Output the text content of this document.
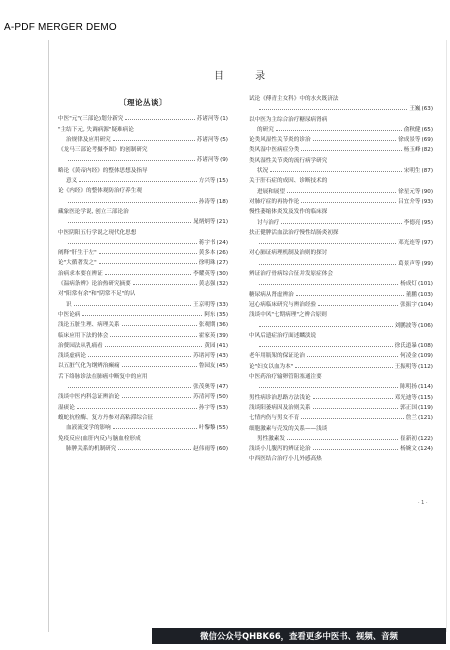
A-PDF MERGER DEMO
目 录
〔理论丛谈〕
中医"元"(三部论)划分新究	苏诸河等 (1)
"主结下元, 失调病源"疑难病论
治规律及应用研究	苏诸河等 (5)
《龙马三部论考摄李图》的创制研究
苏诸河等 (9)
略论《黄帝内经》的整体思想及指导
意义	方兴等 (15)
论《内经》的整体观防治疗养生观
孙涛等 (18)
藏象医论学说, 创立三部论治
晁炳炳等 (21)
中医阴阳五行学说之现代化思想
蒋宇书 (24)
阐释"肝生于左"	黄多本 (26)
论"大循著发之"	徐明珠 (27)
治病求本要在辨证	李耀英等 (30)
《温病条辨》论治热研究摘要	黄志强 (32)
对"阳常有余"和"阴常不足"的认
识	王京明等 (33)
中医论病	阿东 (35)
浅论五脏生理、病理关系	张观期 (36)
临床应用下法的体会	霍家英 (39)
治赘园法从乳痛看	黄园 (41)
浅谈虚病论	苏诸河等 (43)
以五脏气化为纲辨治癫痫	鲁园友 (45)
舌下络脉诊法在肺癌中断复中的应用
张茂奥等 (47)
浅谈中医内科急证辨治论	苏清河等 (50)
湿痰论	孙宇等 (53)
蝮蛇抗栓酶、复方丹参对高粘滞综合征
血液流变学的影响	叶黎黎 (55)
免疫反应(血肝内反)与脑血栓形成
肺脾关系的机制研究	赵伟雨等 (60)
试论《傅青主女科》中的水火既济法
王巍 (63)
以中医为主综合治疗糖尿病肾病
的研究	俞秋健 (65)
论类风湿性关节炎的诊治	徐成景等 (69)
类风湿中医病症分类	杨玉峰 (82)
类风湿性关节炎的流行病学研究
状况	宋明生 (87)
关于肝石症的成因、诊断技术的
进展和展望	徐星元等 (90)
对肺疗症的再协作论	吕宜介等 (93)
慢性萎缩体炎发及发作的临床探
讨与治疗	李德亮 (95)
扶正健脾活血法治疗慢性结肠炎初探
邓光连等 (97)
对心肺证病理机制及治则的探讨
葛景声等 (99)
辨证治疗骨病综合征并发原症体会
杨成灯 (101)
糖尿病从肾虚辨治	董鹏 (103)
冠心病临床研究与辨治经验	张振宇 (104)
浅谈中风"七期病理"之辨合原则
刘鹏波等 (106)
中风后遗症治疗面述麟淡说
徐氏道暴 (108)
老年用瓶架的保证论治	何凌金 (109)
论"妇女以血为本"	王振明等 (112)
中医药治疗输卵管阻塞通注要
陈明扬 (114)
男性病诊治思路方法浅论	邓光迪等 (115)
浅谈阳萎病因及治则关系	郭正国 (119)
七情内伤与男女不育	詹兰 (121)
细胞激素与壳发的关系——浅谈
男性激素发	崔新初 (122)
浅谈小儿腹泻的辨证论治	杨婉文 (124)
中西医结合治疗小儿外感高热
· 1 ·
微信公众号QHBK66，查看更多中医书、视频、音频
